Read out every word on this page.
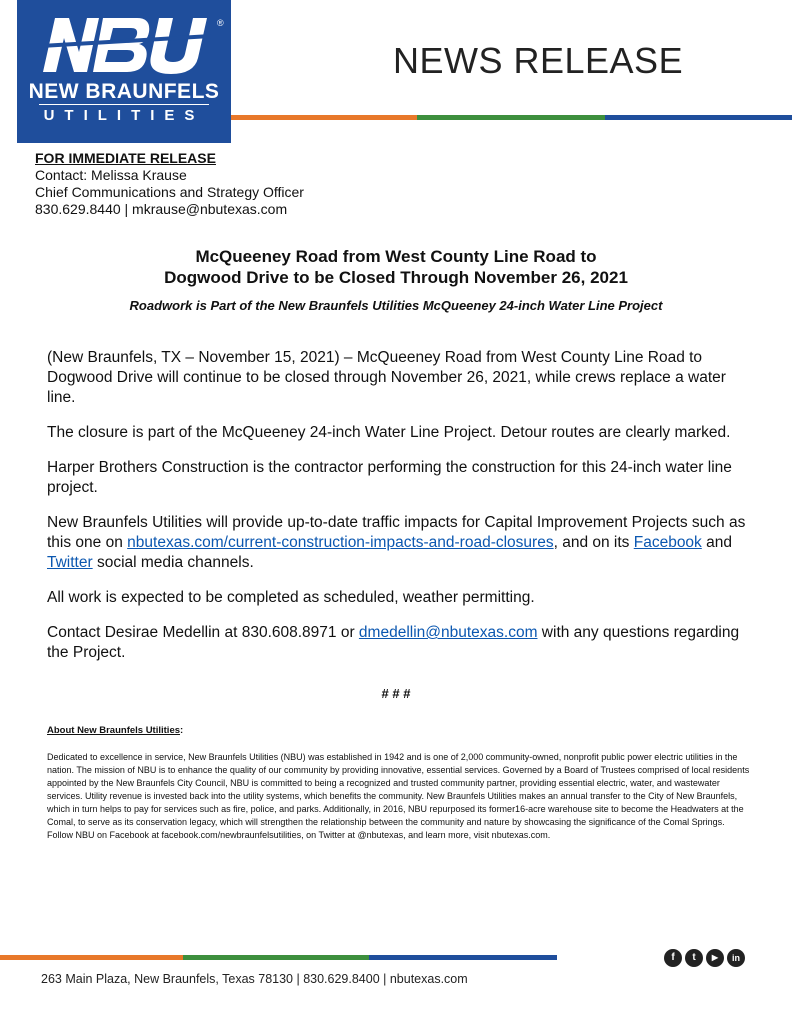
®
NEW BRAUNFELS
UTILITIES
NEWS RELEASE
FOR IMMEDIATE RELEASE
Contact: Melissa Krause
Chief Communications and Strategy Officer
830.629.8440 | mkrause@nbutexas.com
McQueeney Road from West County Line Road to
Dogwood Drive to be Closed Through November 26, 2021
Roadwork is Part of the New Braunfels Utilities McQueeney 24-inch Water Line Project

(New Braunfels, TX – November 15, 2021) – McQueeney Road from West County Line Road to Dogwood Drive will continue to be closed through November 26, 2021, while crews replace a water line.

The closure is part of the McQueeney 24-inch Water Line Project. Detour routes are clearly marked.

Harper Brothers Construction is the contractor performing the construction for this 24-inch water line project.

New Braunfels Utilities will provide up-to-date traffic impacts for Capital Improvement Projects such as this one on nbutexas.com/current-construction-impacts-and-road-closures, and on its Facebook and Twitter social media channels.

All work is expected to be completed as scheduled, weather permitting.

Contact Desirae Medellin at 830.608.8971 or dmedellin@nbutexas.com with any questions regarding the Project.

# # #
About New Braunfels Utilities:
Dedicated to excellence in service, New Braunfels Utilities (NBU) was established in 1942 and is one of 2,000 community-owned, nonprofit public power electric utilities in the nation. The mission of NBU is to enhance the quality of our community by providing innovative, essential services. Governed by a Board of Trustees comprised of local residents appointed by the New Braunfels City Council, NBU is committed to being a recognized and trusted community partner, providing essential electric, water, and wastewater services. Utility revenue is invested back into the utility systems, which benefits the community. New Braunfels Utilities makes an annual transfer to the City of New Braunfels, which in turn helps to pay for services such as fire, police, and parks. Additionally, in 2016, NBU repurposed its former16-acre warehouse site to become the Headwaters at the Comal, to serve as its conservation legacy, which will strengthen the relationship between the community and nature by showcasing the significance of the Comal Springs. Follow NBU on Facebook at facebook.com/newbraunfelsutilities, on Twitter at @nbutexas, and learn more, visit nbutexas.com.
f	t	▶	in
263 Main Plaza, New Braunfels, Texas 78130 | 830.629.8400 | nbutexas.com
